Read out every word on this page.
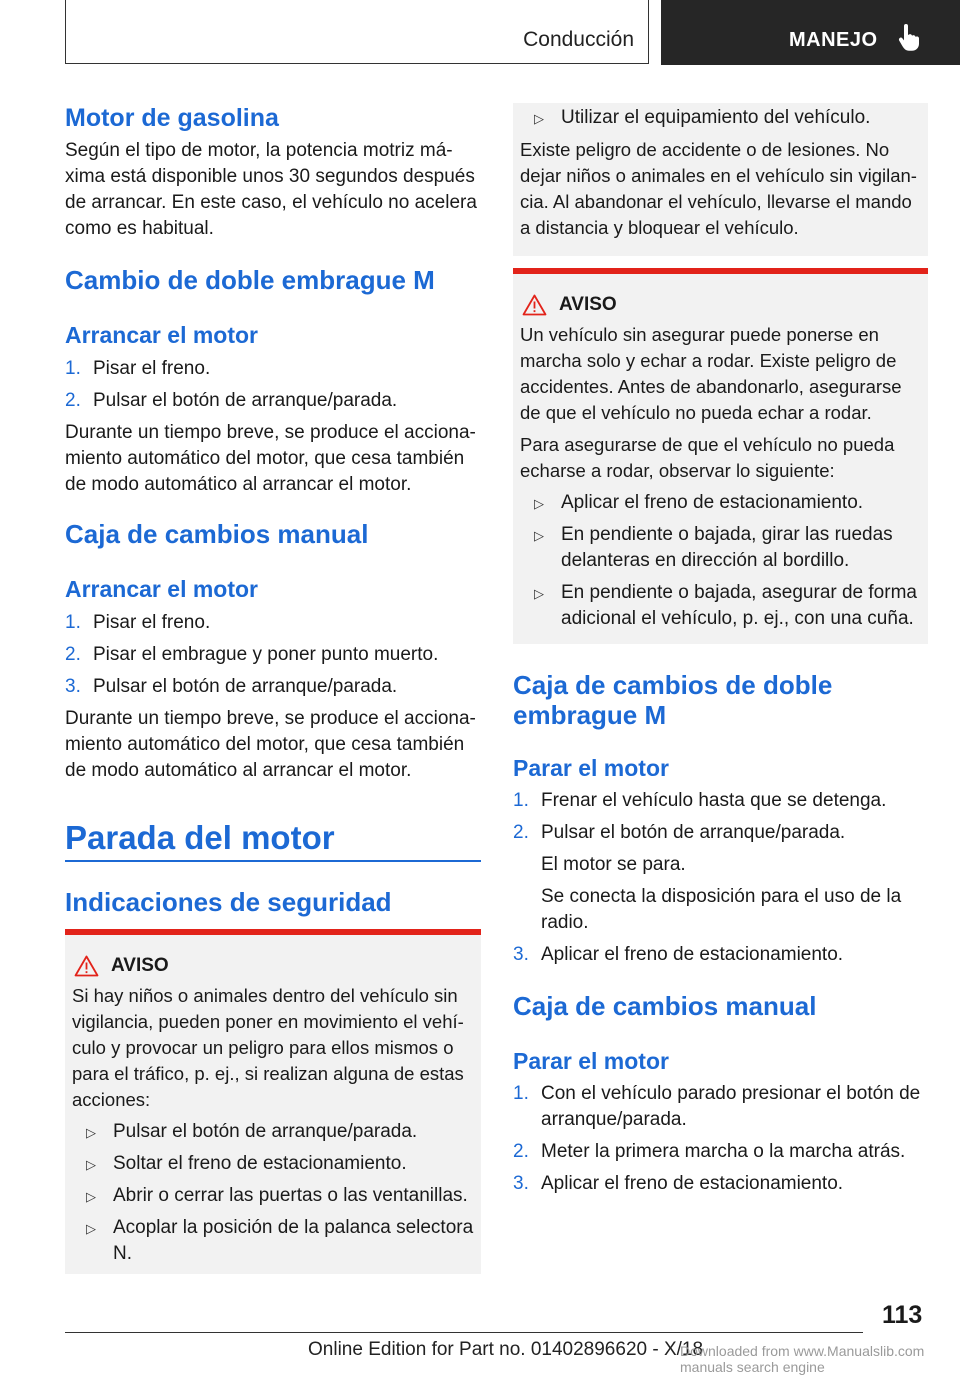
Conducción	MANEJO
Motor de gasolina

Según el tipo de motor, la potencia motriz máxima está disponible unos 30 segundos después de arrancar. En este caso, el vehículo no acelera como es habitual.

Cambio de doble embrague M
Arrancar el motor
1. Pisar el freno.
2. Pulsar el botón de arranque/parada.

Durante un tiempo breve, se produce el accionamiento automático del motor, que cesa también de modo automático al arrancar el motor.

Caja de cambios manual
Arrancar el motor
1. Pisar el freno.
2. Pisar el embrague y poner punto muerto.
3. Pulsar el botón de arranque/parada.

Durante un tiempo breve, se produce el accionamiento automático del motor, que cesa también de modo automático al arrancar el motor.

Parada del motor
Indicaciones de seguridad
AVISO

Si hay niños o animales dentro del vehículo sin vigilancia, pueden poner en movimiento el vehículo y provocar un peligro para ellos mismos o para el tráfico, p. ej., si realizan alguna de estas acciones:

▷ Pulsar el botón de arranque/parada.
▷ Soltar el freno de estacionamiento.
▷ Abrir o cerrar las puertas o las ventanillas.
▷ Acoplar la posición de la palanca selectora N.
▷ Utilizar el equipamiento del vehículo.

Existe peligro de accidente o de lesiones. No dejar niños o animales en el vehículo sin vigilancia. Al abandonar el vehículo, llevarse el mando a distancia y bloquear el vehículo.

AVISO

Un vehículo sin asegurar puede ponerse en marcha solo y echar a rodar. Existe peligro de accidentes. Antes de abandonarlo, asegurarse de que el vehículo no pueda echar a rodar.

Para asegurarse de que el vehículo no pueda echarse a rodar, observar lo siguiente:

▷ Aplicar el freno de estacionamiento.
▷ En pendiente o bajada, girar las ruedas delanteras en dirección al bordillo.
▷ En pendiente o bajada, asegurar de forma adicional el vehículo, p. ej., con una cuña.
Caja de cambios de doble embrague M
Parar el motor
1. Frenar el vehículo hasta que se detenga.
2. Pulsar el botón de arranque/parada.
El motor se para.
Se conecta la disposición para el uso de la radio.
3. Aplicar el freno de estacionamiento.
Caja de cambios manual
Parar el motor
1. Con el vehículo parado presionar el botón de arranque/parada.
2. Meter la primera marcha o la marcha atrás.
3. Aplicar el freno de estacionamiento.
113
Online Edition for Part no. 01402896620 - X/18
Downloaded from www.Manualslib.com manuals search engine
